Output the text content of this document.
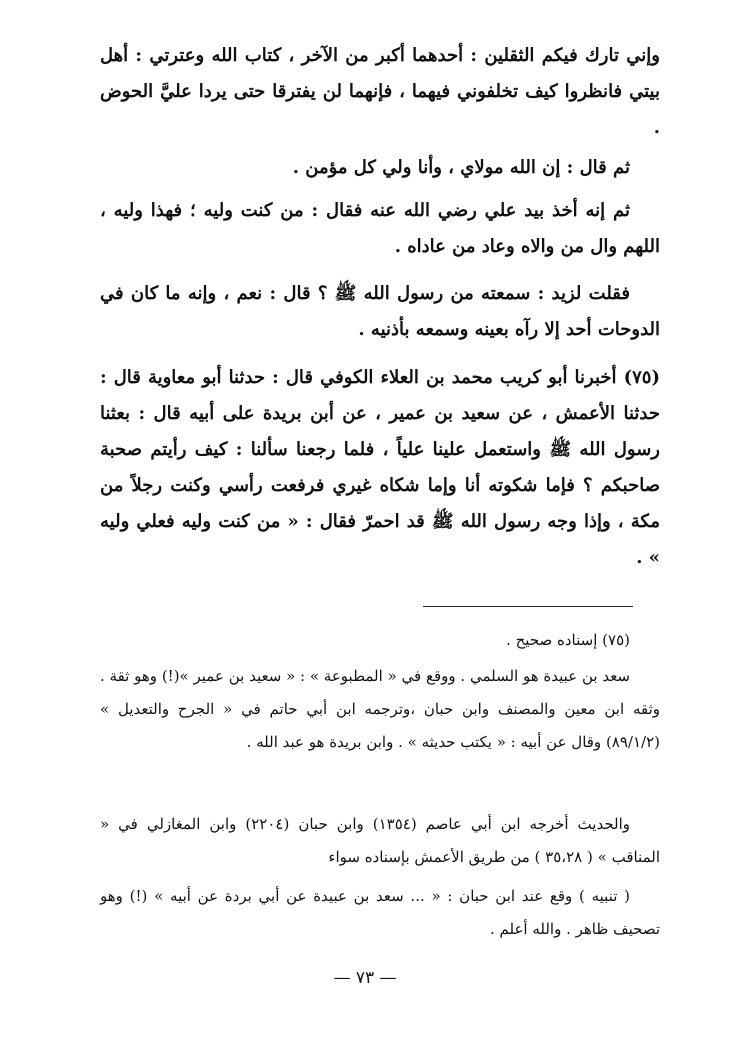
وإني تارك فيكم الثقلين : أحدهما أكبر من الآخر ، كتاب الله وعترتي : أهل بيتي فانظروا كيف تخلفوني فيهما ، فإنهما لن يفترقا حتى يردا عليَّ الحوض .

ثم قال : إن الله مولاي ، وأنا ولي كل مؤمن .

ثم إنه أخذ بيد علي رضي الله عنه فقال : من كنت وليه ؛ فهذا وليه ، اللهم وال من والاه وعاد من عاداه .

فقلت لزيد : سمعته من رسول الله ﷺ ؟ قال : نعم ، وإنه ما كان في الدوحات أحد إلا رآه بعينه وسمعه بأذنيه .

(٧٥) أخبرنا أبو كريب محمد بن العلاء الكوفي قال : حدثنا أبو معاوية قال : حدثنا الأعمش ، عن سعيد بن عمير ، عن أبن بريدة على أبيه قال : بعثنا رسول الله ﷺ واستعمل علينا علياً ، فلما رجعنا سألنا : كيف رأيتم صحبة صاحبكم ؟ فإما شكوته أنا وإما شكاه غيري فرفعت رأسي وكنت رجلاً من مكة ، وإذا وجه رسول الله ﷺ قد احمرّ فقال : « من كنت وليه فعلي وليه » .

(٧٥) إسناده صحيح .

سعد بن عبيدة هو السلمي . ووقع في « المطبوعة » : « سعيد بن عمير »(!) وهو ثقة . وثقه ابن معين والمصنف وابن حبان ،وترجمه ابن أبي حاتم في « الجرح والتعديل » (٨٩/١/٢) وقال عن أبيه : « يكتب حديثه » . وابن بريدة هو عبد الله .

والحديث أخرجه ابن أبي عاصم (١٣٥٤) وابن حبان (٢٢٠٤) وابن المغازلي في « المناقب » ( ٣٥،٢٨ ) من طريق الأعمش بإسناده سواء

( تنبيه ) وقع عند ابن حبان : « ... سعد بن عبيدة عن أبي بردة عن أبيه » (!) وهو تصحيف ظاهر . والله أعلم .

— ٧٣ —
